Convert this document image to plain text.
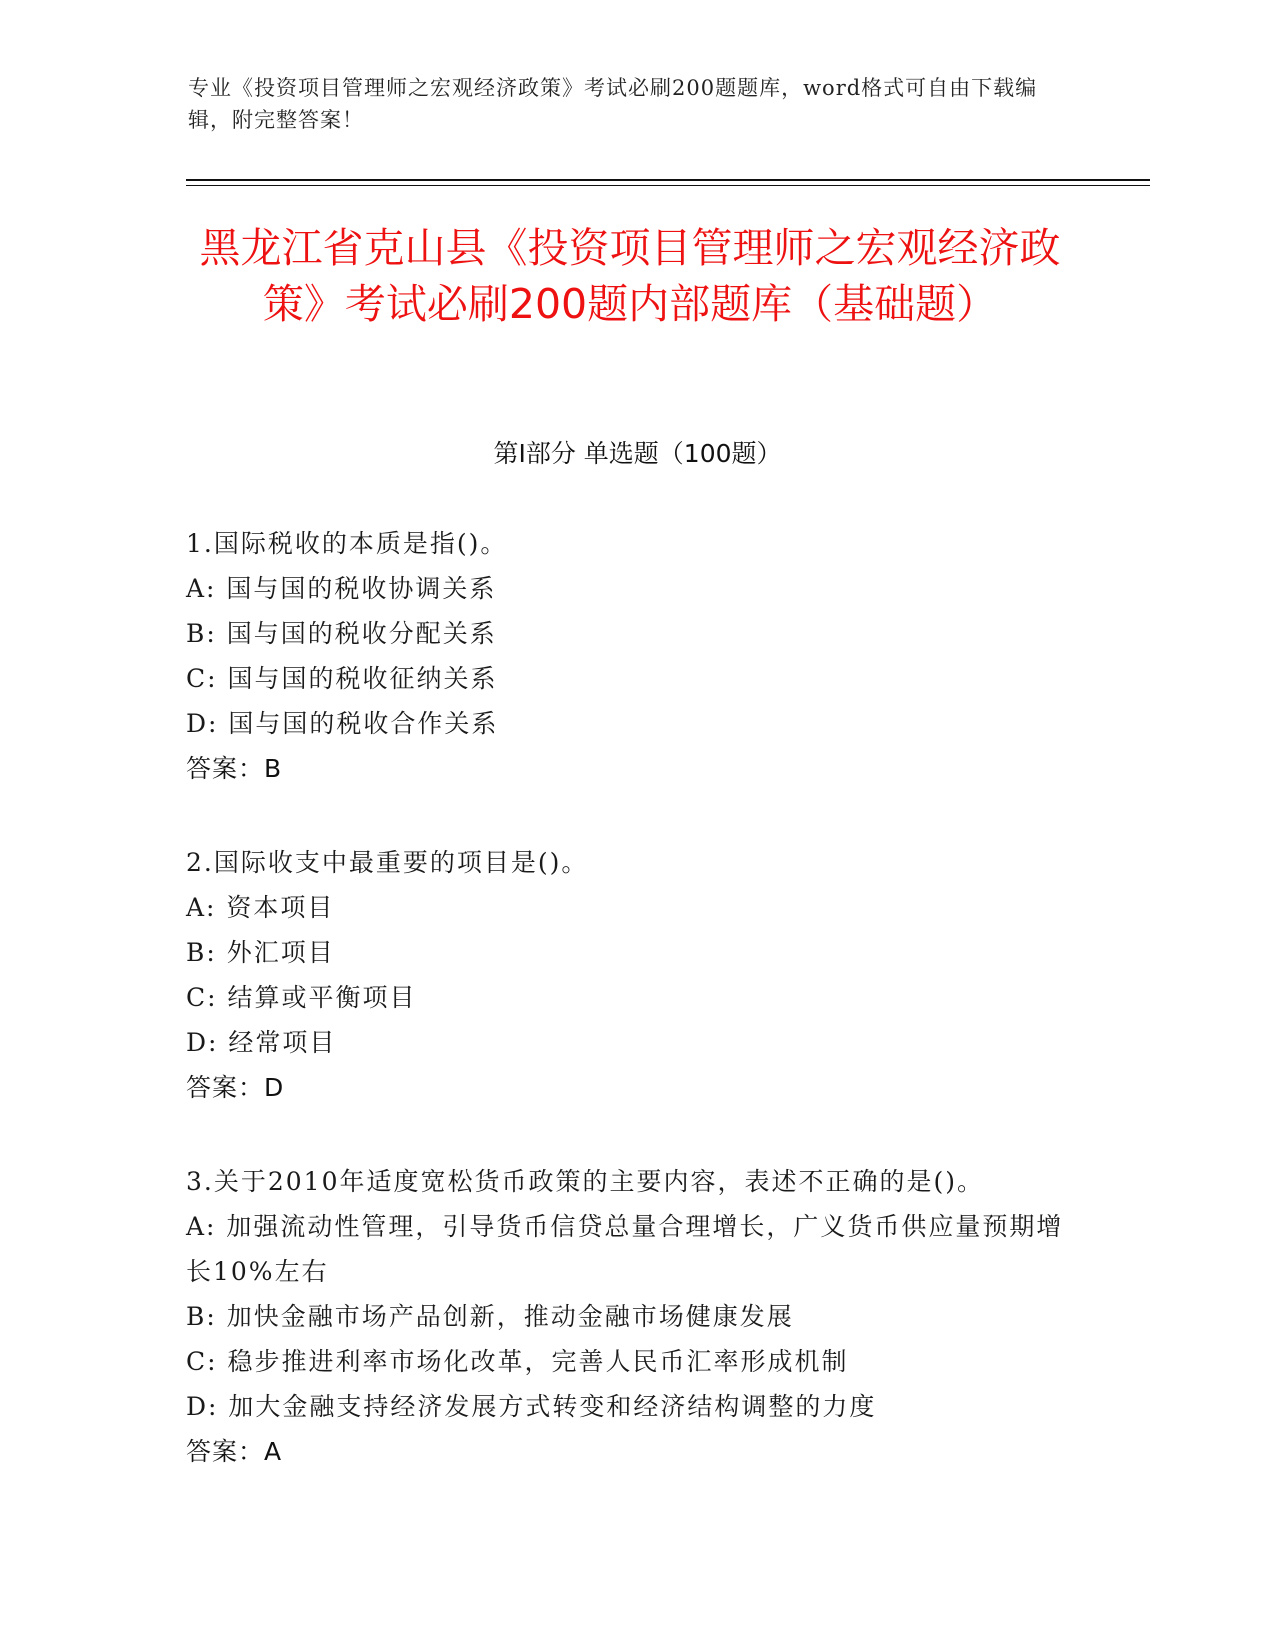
专业《投资项目管理师之宏观经济政策》考试必刷200题题库，word格式可自由下载编辑，附完整答案！
黑龙江省克山县《投资项目管理师之宏观经济政策》考试必刷200题内部题库（基础题）
第I部分 单选题（100题）
1.国际税收的本质是指()。
A: 国与国的税收协调关系
B: 国与国的税收分配关系
C: 国与国的税收征纳关系
D: 国与国的税收合作关系
答案：B
2.国际收支中最重要的项目是()。
A: 资本项目
B: 外汇项目
C: 结算或平衡项目
D: 经常项目
答案：D
3.关于2010年适度宽松货币政策的主要内容，表述不正确的是()。
A: 加强流动性管理，引导货币信贷总量合理增长，广义货币供应量预期增长10%左右
B: 加快金融市场产品创新，推动金融市场健康发展
C: 稳步推进利率市场化改革，完善人民币汇率形成机制
D: 加大金融支持经济发展方式转变和经济结构调整的力度
答案：A
